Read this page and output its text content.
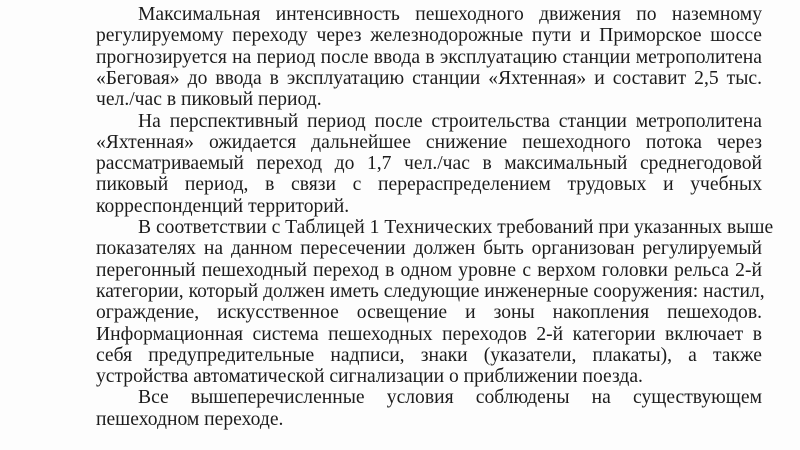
Максимальная интенсивность пешеходного движения по наземному
регулируемому переходу через железнодорожные пути и Приморское шоссе
прогнозируется на период после ввода в эксплуатацию станции метрополитена
«Беговая» до ввода в эксплуатацию станции «Яхтенная» и составит 2,5 тыс.
чел./час в пиковый период.
На перспективный период после строительства станции метрополитена
«Яхтенная» ожидается дальнейшее снижение пешеходного потока через
рассматриваемый переход до 1,7 чел./час в максимальный среднегодовой
пиковый период, в связи с перераспределением трудовых и учебных
корреспонденций территорий.
В соответствии с Таблицей 1 Технических требований при указанных выше
показателях на данном пересечении должен быть организован регулируемый
перегонный пешеходный переход в одном уровне с верхом головки рельса 2-й
категории, который должен иметь следующие инженерные сооружения: настил,
ограждение, искусственное освещение и зоны накопления пешеходов.
Информационная система пешеходных переходов 2-й категории включает в
себя предупредительные надписи, знаки (указатели, плакаты), а также
устройства автоматической сигнализации о приближении поезда.
Все вышеперечисленные условия соблюдены на существующем
пешеходном переходе.
